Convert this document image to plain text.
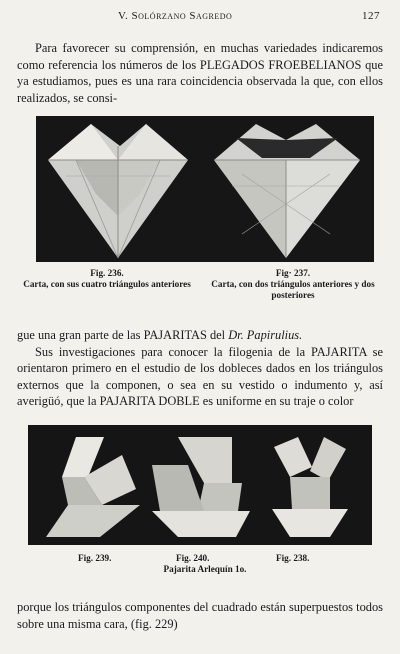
V. Solórzano Sagredo	127

Para favorecer su comprensión, en muchas variedades indicaremos como referencia los números de los PLEGADOS FROEBELIANOS que ya estudiamos, pues es una rara coincidencia observada la que, con ellos realizados, se consi-

Fig. 236.
Carta, con sus cuatro triángulos anteriores
Fig· 237.
Carta, con dos triángulos anteriores y dos posteriores

gue una gran parte de las PAJARITAS del Dr. Papirulius.
Sus investigaciones para conocer la filogenia de la PAJARITA se orientaron primero en el estudio de los dobleces dados en los triángulos externos que la componen, o sea en su vestido o indumento y, así averigüó, que la PAJARITA DOBLE es uniforme en su traje o color

Fig. 239.	Fig. 240.	Fig. 238.
Pajarita Arlequín 1o.

porque los triángulos componentes del cuadrado están superpuestos todos sobre una misma cara, (fig. 229)
